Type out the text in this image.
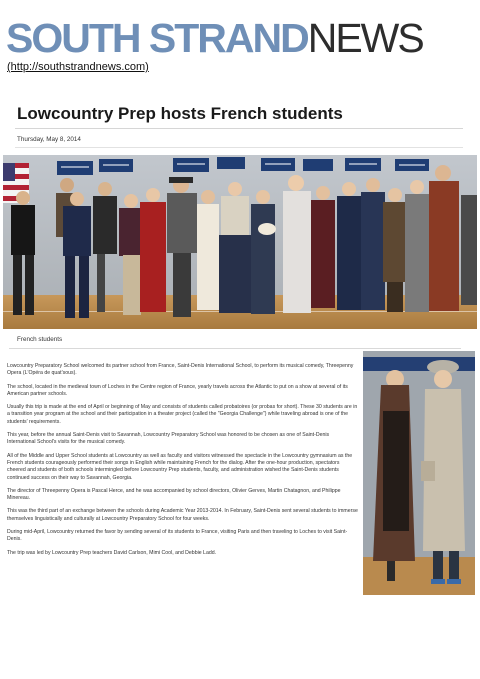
SOUTH STRANDNEWS
(http://southstrandnews.com)
Lowcountry Prep hosts French students
Thursday, May 8, 2014
French students

Lowcountry Preparatory School welcomed its partner school from France, Saint-Denis International School, to perform its musical comedy, Threepenny Opera (L'Opéra de quat'sous).

The school, located in the medieval town of Loches in the Centre region of France, yearly travels across the Atlantic to put on a show at several of its American partner schools.

Usually this trip is made at the end of April or beginning of May and consists of students called probatoires (or probas for short). These 30 students are in a transition year program at the school and their participation in a theater project (called the "Georgia Challenge") while traveling abroad is one of the students' requirements.

This year, before the annual Saint-Denis visit to Savannah, Lowcountry Preparatory School was honored to be chosen as one of Saint-Denis International School's visits for the musical comedy.

All of the Middle and Upper School students at Lowcountry as well as faculty and visitors witnessed the spectacle in the Lowcountry gymnasium as the French students courageously performed their songs in English while maintaining French for the dialog. After the one-hour production, spectators cheered and students of both schools intermingled before Lowcountry Prep students, faculty, and administration wished the Saint-Denis students continued success on their way to Savannah, Georgia.

The director of Threepenny Opera is Pascal Herce, and he was accompanied by school directors, Olivier Gerves, Martin Chatagnon, and Philippe Minereau.

This was the third part of an exchange between the schools during Academic Year 2013-2014. In February, Saint-Denis sent several students to immerse themselves linguistically and culturally at Lowcountry Preparatory School for four weeks.

During mid-April, Lowcountry returned the favor by sending several of its students to France, visiting Paris and then traveling to Loches to visit Saint-Denis.

The trip was led by Lowcountry Prep teachers David Carlson, Mimi Cool, and Debbie Ladd.
